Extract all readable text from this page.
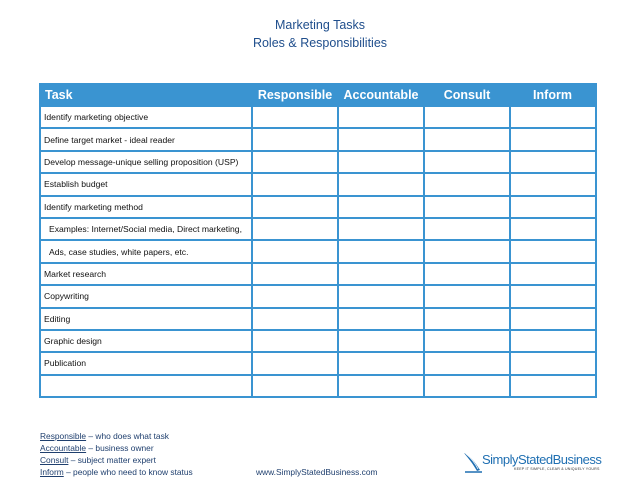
Marketing Tasks
Roles & Responsibilities
Task	Responsible	Accountable	Consult	Inform
Identify marketing objective				
Define target market - ideal reader				
Develop message-unique selling proposition (USP)				
Establish budget				
Identify marketing method				
Examples: Internet/Social media, Direct marketing,				
Ads, case studies, white papers, etc.				
Market research				
Copywriting				
Editing				
Graphic design				
Publication				

Responsible – who does what task
Accountable – business owner
Consult – subject matter expert
Inform – people who need to know status	www.SimplyStatedBusiness.com
SimplyStatedBusiness
KEEP IT SIMPLE, CLEAR & UNIQUELY YOURS
